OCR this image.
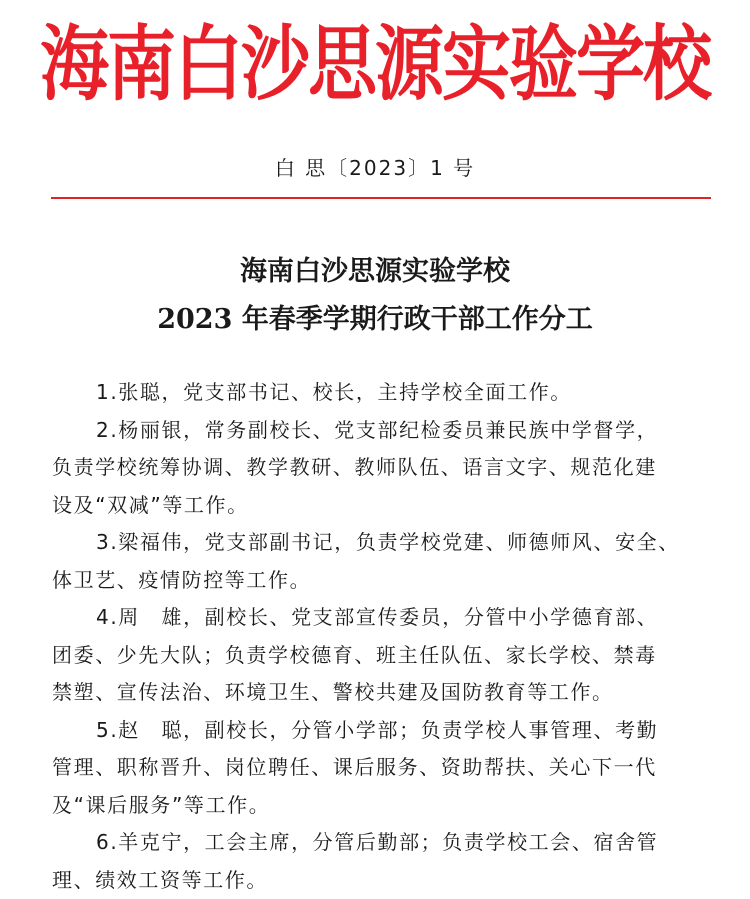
海南白沙思源实验学校
白 思〔2023〕1 号
海南白沙思源实验学校
2023 年春季学期行政干部工作分工
1.张聪，党支部书记、校长，主持学校全面工作。
2.杨丽银，常务副校长、党支部纪检委员兼民族中学督学，
负责学校统筹协调、教学教研、教师队伍、语言文字、规范化建
设及“双减”等工作。
3.梁福伟，党支部副书记，负责学校党建、师德师风、安全、
体卫艺、疫情防控等工作。
4.周　雄，副校长、党支部宣传委员，分管中小学德育部、
团委、少先大队；负责学校德育、班主任队伍、家长学校、禁毒
禁塑、宣传法治、环境卫生、警校共建及国防教育等工作。
5.赵　聪，副校长，分管小学部；负责学校人事管理、考勤
管理、职称晋升、岗位聘任、课后服务、资助帮扶、关心下一代
及“课后服务”等工作。
6.羊克宁，工会主席，分管后勤部；负责学校工会、宿舍管
理、绩效工资等工作。
